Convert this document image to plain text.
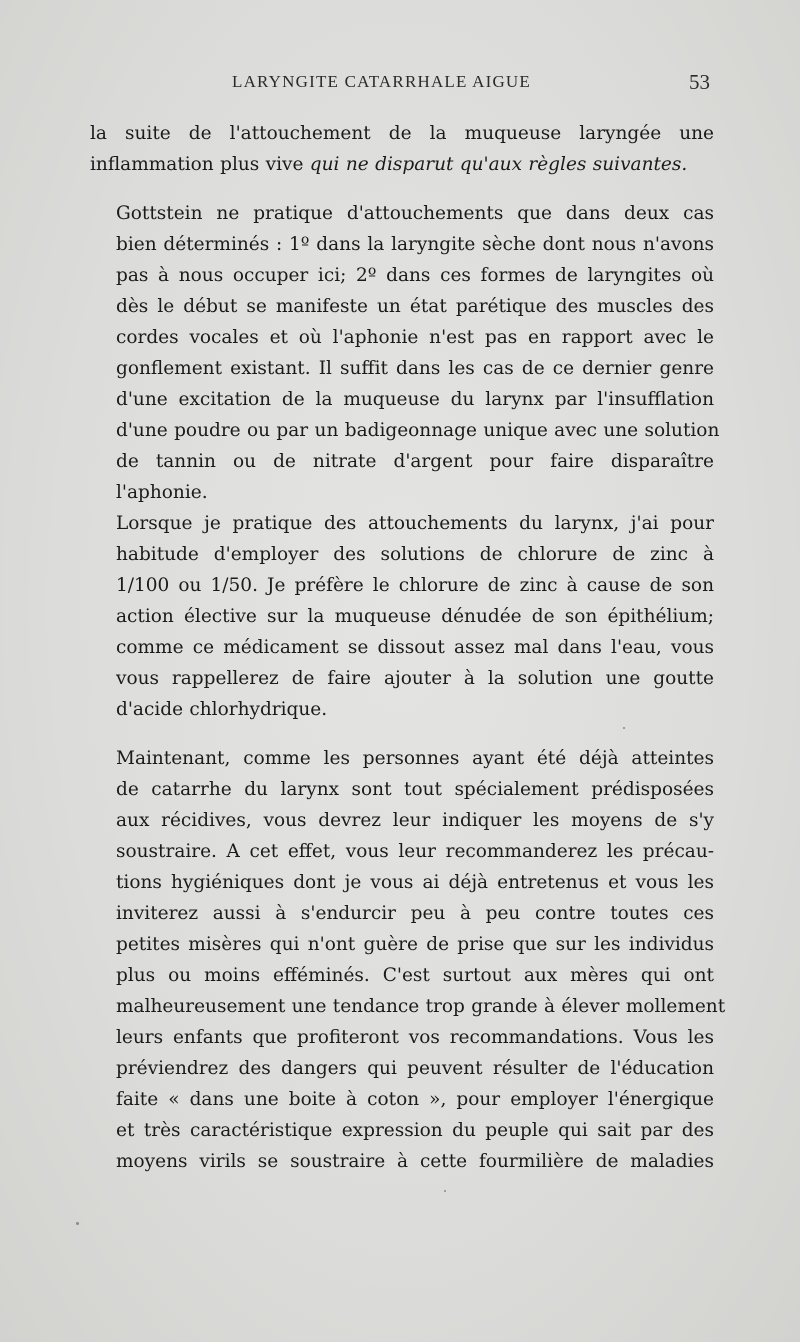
LARYNGITE CATARRHALE AIGUE	53

la suite de l'attouchement de la muqueuse laryngée une
inflammation plus vive qui ne disparut qu'aux règles suivantes.

Gottstein ne pratique d'attouchements que dans deux cas
bien déterminés : 1º dans la laryngite sèche dont nous n'avons
pas à nous occuper ici; 2º dans ces formes de laryngites où
dès le début se manifeste un état parétique des muscles des
cordes vocales et où l'aphonie n'est pas en rapport avec le
gonflement existant. Il suffit dans les cas de ce dernier genre
d'une excitation de la muqueuse du larynx par l'insufflation
d'une poudre ou par un badigeonnage unique avec une solution
de tannin ou de nitrate d'argent pour faire disparaître
l'aphonie.

Lorsque je pratique des attouchements du larynx, j'ai pour
habitude d'employer des solutions de chlorure de zinc à
1/100 ou 1/50. Je préfère le chlorure de zinc à cause de son
action élective sur la muqueuse dénudée de son épithélium;
comme ce médicament se dissout assez mal dans l'eau, vous
vous rappellerez de faire ajouter à la solution une goutte
d'acide chlorhydrique.

Maintenant, comme les personnes ayant été déjà atteintes
de catarrhe du larynx sont tout spécialement prédisposées
aux récidives, vous devrez leur indiquer les moyens de s'y
soustraire. A cet effet, vous leur recommanderez les précau-
tions hygiéniques dont je vous ai déjà entretenus et vous les
inviterez aussi à s'endurcir peu à peu contre toutes ces
petites misères qui n'ont guère de prise que sur les individus
plus ou moins efféminés. C'est surtout aux mères qui ont
malheureusement une tendance trop grande à élever mollement
leurs enfants que profiteront vos recommandations. Vous les
préviendrez des dangers qui peuvent résulter de l'éducation
faite « dans une boite à coton », pour employer l'énergique
et très caractéristique expression du peuple qui sait par des
moyens virils se soustraire à cette fourmilière de maladies
